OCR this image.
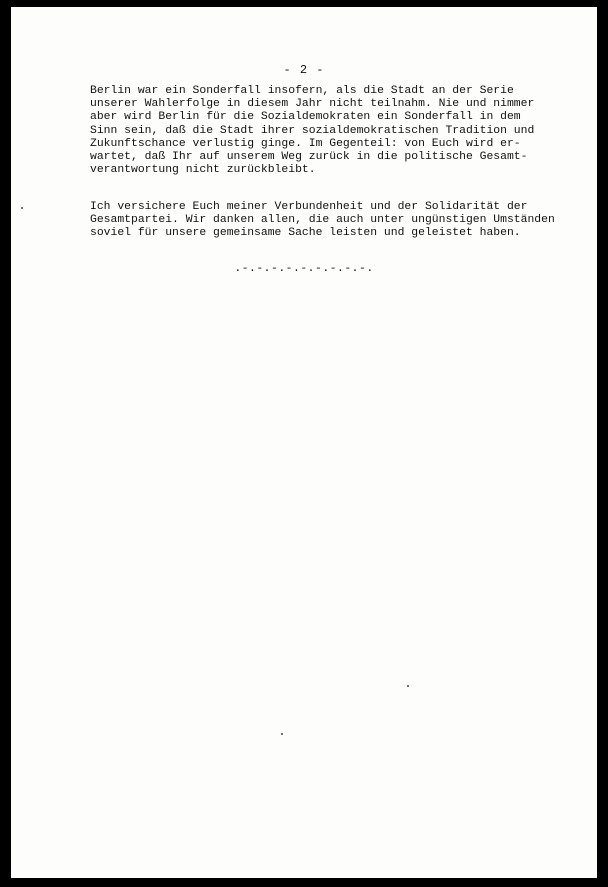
- 2 -

Berlin war ein Sonderfall insofern, als die Stadt an der Serie
unserer Wahlerfolge in diesem Jahr nicht teilnahm. Nie und nimmer
aber wird Berlin für die Sozialdemokraten ein Sonderfall in dem
Sinn sein, daß die Stadt ihrer sozialdemokratischen Tradition und
Zukunftschance verlustig ginge. Im Gegenteil: von Euch wird er-
wartet, daß Ihr auf unserem Weg zurück in die politische Gesamt-
verantwortung nicht zurückbleibt.

Ich versichere Euch meiner Verbundenheit und der Solidarität der
Gesamtpartei. Wir danken allen, die auch unter ungünstigen Umständen
soviel für unsere gemeinsame Sache leisten und geleistet haben.

.-.-.-.-.-.-.-.-.-.
